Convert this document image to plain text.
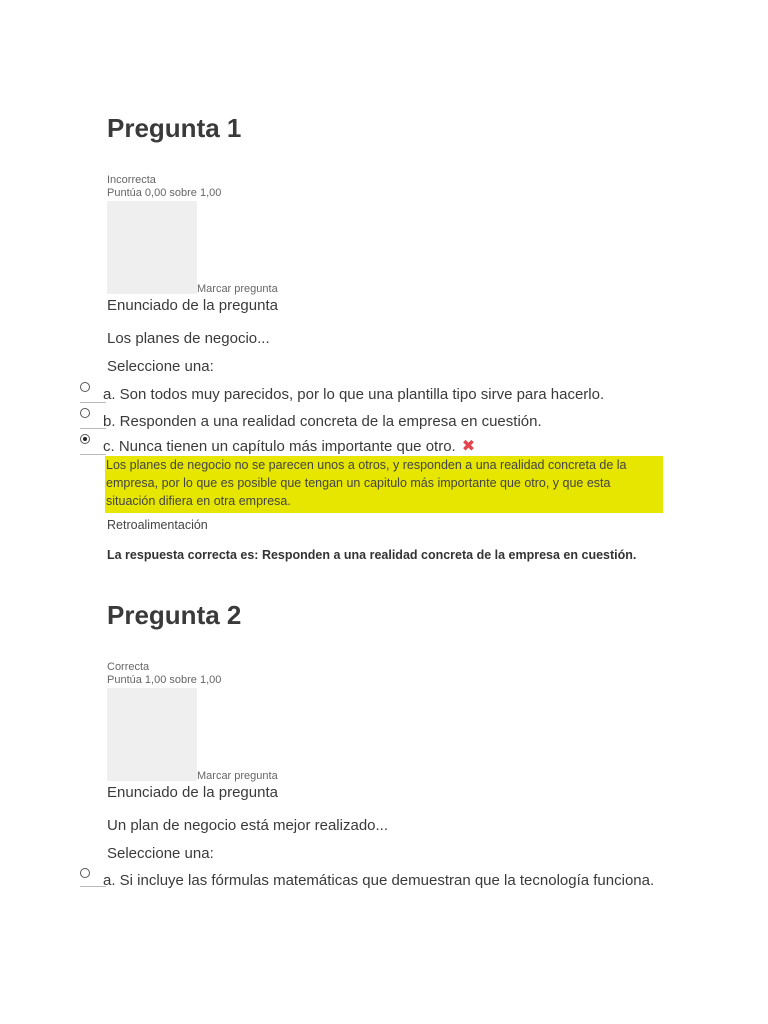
Pregunta 1
Incorrecta
Puntúa 0,00 sobre 1,00
Marcar pregunta
Enunciado de la pregunta
Los planes de negocio...
Seleccione una:
a. Son todos muy parecidos, por lo que una plantilla tipo sirve para hacerlo.
b. Responden a una realidad concreta de la empresa en cuestión.
c. Nunca tienen un capítulo más importante que otro. ✖
Los planes de negocio no se parecen unos a otros, y responden a una realidad concreta de la empresa, por lo que es posible que tengan un capitulo más importante que otro, y que esta situación difiera en otra empresa.
Retroalimentación
La respuesta correcta es: Responden a una realidad concreta de la empresa en cuestión.
Pregunta 2
Correcta
Puntúa 1,00 sobre 1,00
Marcar pregunta
Enunciado de la pregunta
Un plan de negocio está mejor realizado...
Seleccione una:
a. Si incluye las fórmulas matemáticas que demuestran que la tecnología funciona.
